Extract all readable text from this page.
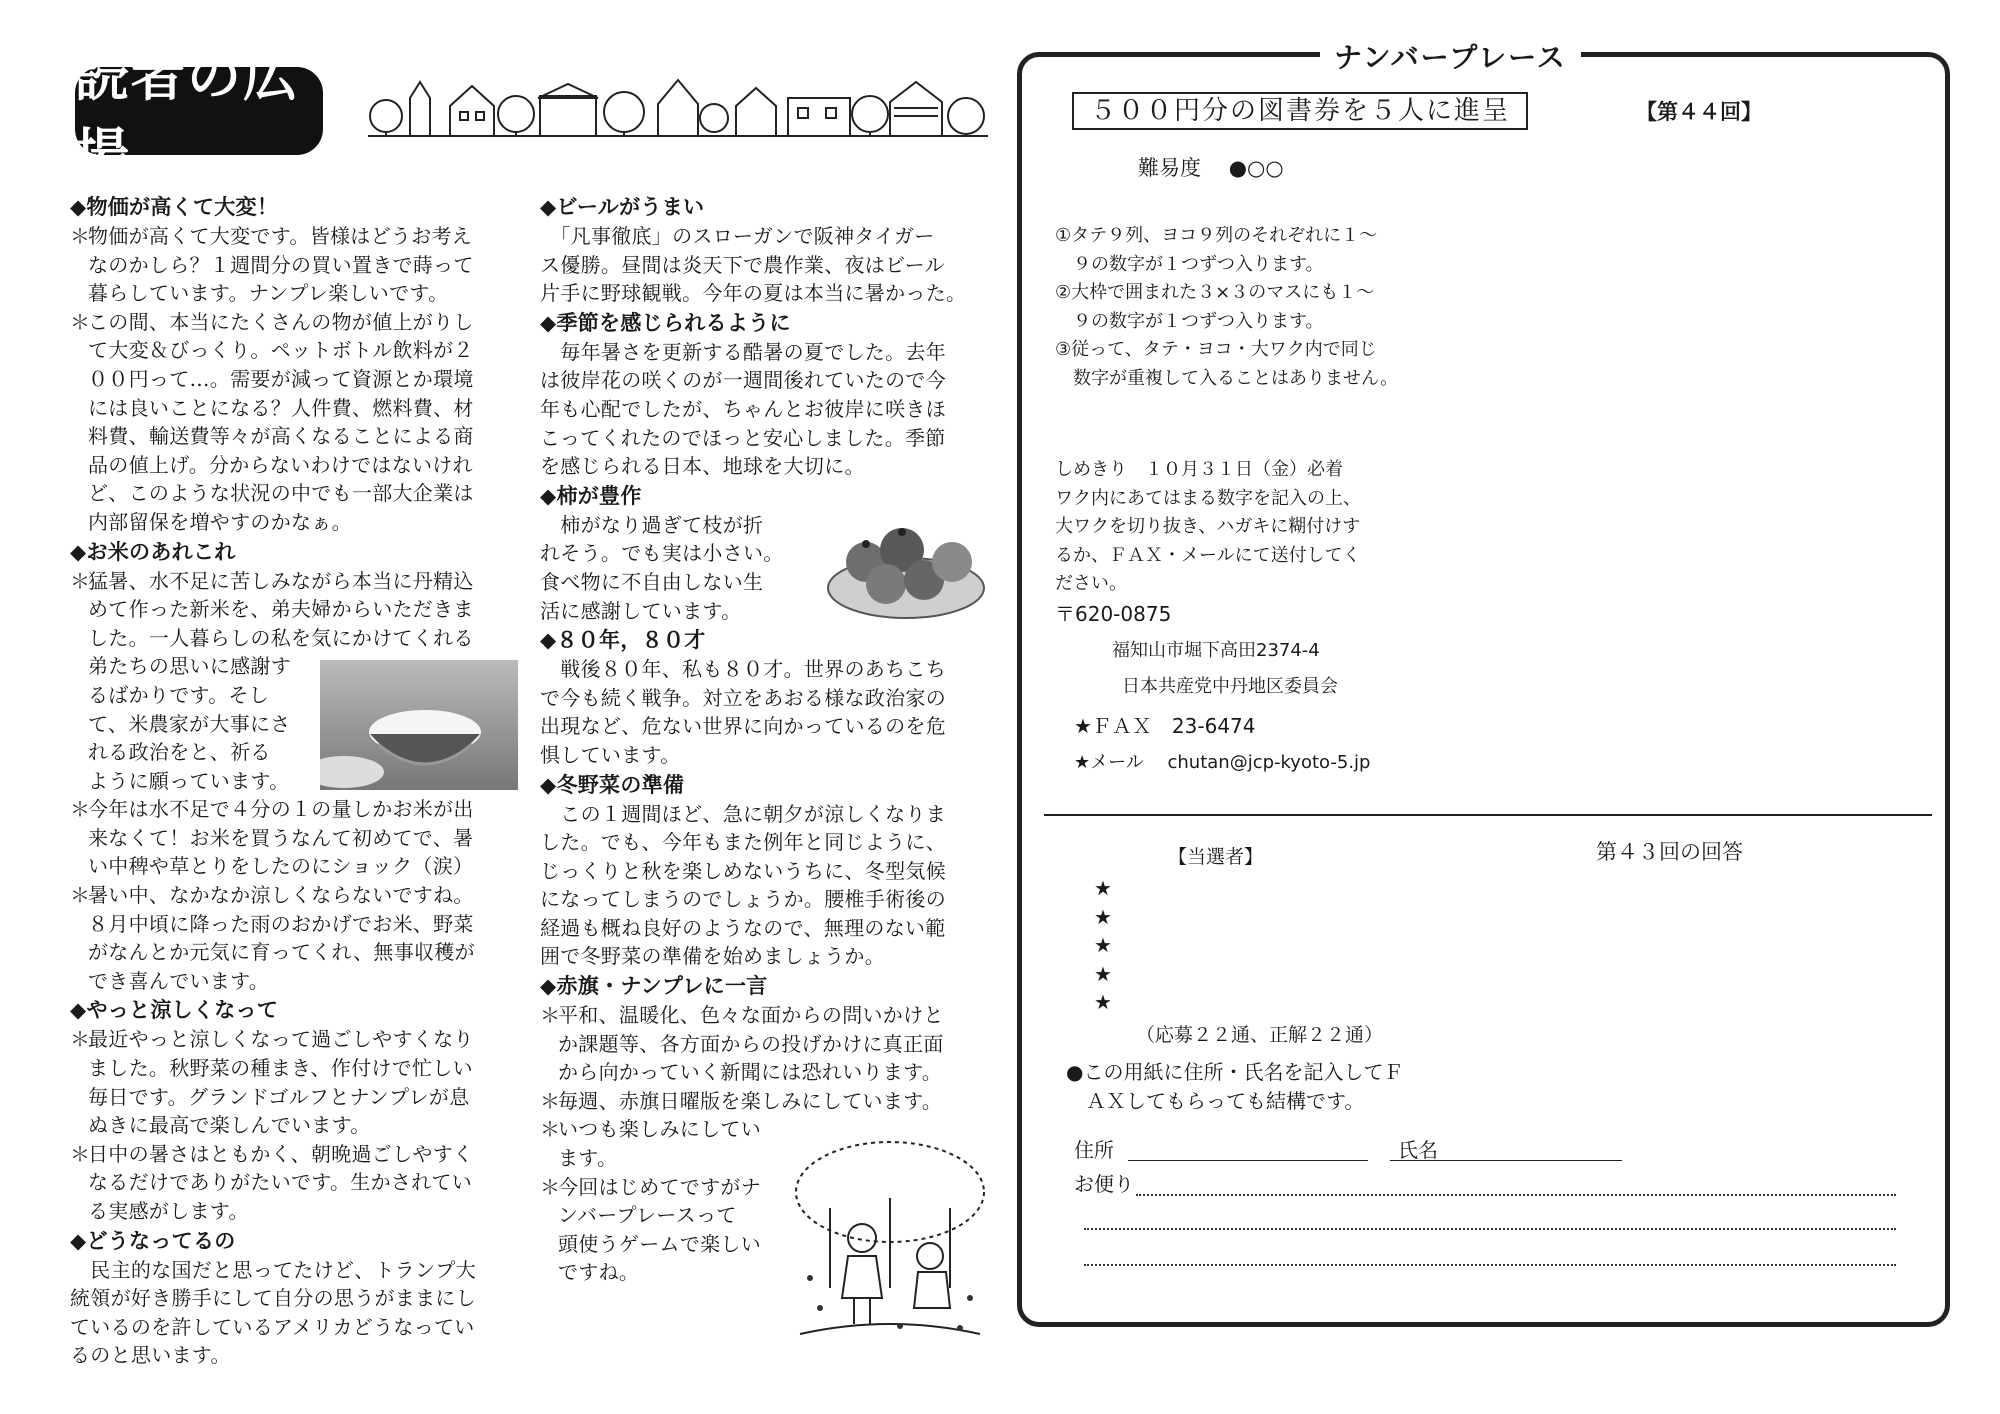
読者の広場

◆物価が高くて大変！

＊
物価が高くて大変です。皆様はどうお考え
なのかしら？１週間分の買い置きで蒔って
暮らしています。ナンプレ楽しいです。
＊
この間、本当にたくさんの物が値上がりし
て大変＆びっくり。ペットボトル飲料が２
００円って…。需要が減って資源とか環境
には良いことになる？人件費、燃料費、材
料費、輸送費等々が高くなることによる商
品の値上げ。分からないわけではないけれ
ど、このような状況の中でも一部大企業は
内部留保を増やすのかなぁ。

◆お米のあれこれ

＊
猛暑、水不足に苦しみながら本当に丹精込
めて作った新米を、弟夫婦からいただきま
した。一人暮らしの私を気にかけてくれる
弟たちの思いに感謝す
るばかりです。そし
て、米農家が大事にさ
れる政治をと、祈る
ように願っています。
＊
今年は水不足で４分の１の量しかお米が出
来なくて！お米を買うなんて初めてで、暑
い中稗や草とりをしたのにショック（涙）
＊
暑い中、なかなか涼しくならないですね。
８月中頃に降った雨のおかげでお米、野菜
がなんとか元気に育ってくれ、無事収穫が
でき喜んでいます。

◆やっと涼しくなって

＊
最近やっと涼しくなって過ごしやすくなり
ました。秋野菜の種まき、作付けで忙しい
毎日です。グランドゴルフとナンプレが息
ぬきに最高で楽しんでいます。
＊
日中の暑さはともかく、朝晩過ごしやすく
なるだけでありがたいです。生かされてい
る実感がします。

◆どうなってるの

　民主的な国だと思ってたけど、トランプ大
統領が好き勝手にして自分の思うがままにし
ているのを許しているアメリカどうなってい
るのと思います。

◆ビールがうまい

　「凡事徹底」のスローガンで阪神タイガー
ス優勝。昼間は炎天下で農作業、夜はビール
片手に野球観戦。今年の夏は本当に暑かった。

◆季節を感じられるように

　毎年暑さを更新する酷暑の夏でした。去年
は彼岸花の咲くのが一週間後れていたので今
年も心配でしたが、ちゃんとお彼岸に咲きほ
こってくれたのでほっと安心しました。季節
を感じられる日本、地球を大切に。

◆柿が豊作

　柿がなり過ぎて枝が折
れそう。でも実は小さい。
食べ物に不自由しない生
活に感謝しています。

◆８０年，８０才

　戦後８０年、私も８０才。世界のあちこち
で今も続く戦争。対立をあおる様な政治家の
出現など、危ない世界に向かっているのを危
惧しています。

◆冬野菜の準備

　この１週間ほど、急に朝夕が涼しくなりま
した。でも、今年もまた例年と同じように、
じっくりと秋を楽しめないうちに、冬型気候
になってしまうのでしょうか。腰椎手術後の
経過も概ね良好のようなので、無理のない範
囲で冬野菜の準備を始めましょうか。

◆赤旗・ナンプレに一言

＊
平和、温暖化、色々な面からの問いかけと
か課題等、各方面からの投げかけに真正面
から向かっていく新聞には恐れいります。
＊
毎週、赤旗日曜版を楽しみにしています。
＊
いつも楽しみにしてい
ます。
＊
今回はじめてですがナ
ンバープレースって
頭使うゲームで楽しい
ですね。
ナンバープレース
５００円分の図書券を５人に進呈	【第４４回】
難易度　 ●○○
①タテ９列、ヨコ９列のそれぞれに１～
　９の数字が１つずつ入ります。
②大枠で囲まれた３×３のマスにも１～
　９の数字が１つずつ入ります。
③従って、タテ・ヨコ・大ワク内で同じ
　数字が重複して入ることはありません。
しめきり　１０月３１日（金）必着
ワク内にあてはまる数字を記入の上、
大ワクを切り抜き、ハガキに糊付けす
るか、ＦＡＸ・メールにて送付してく
ださい。
〒620-0875
福知山市堀下高田2374-4
日本共産党中丹地区委員会
★ＦＡＸ　23-6474
★メール　 chutan@jcp-kyoto-5.jp
【当選者】	第４３回の回答
★
★
★
★
★
（応募２２通、正解２２通）
●この用紙に住所・氏名を記入してＦ
　ＡＸしてもらっても結構です。
住所	氏名
お便り
